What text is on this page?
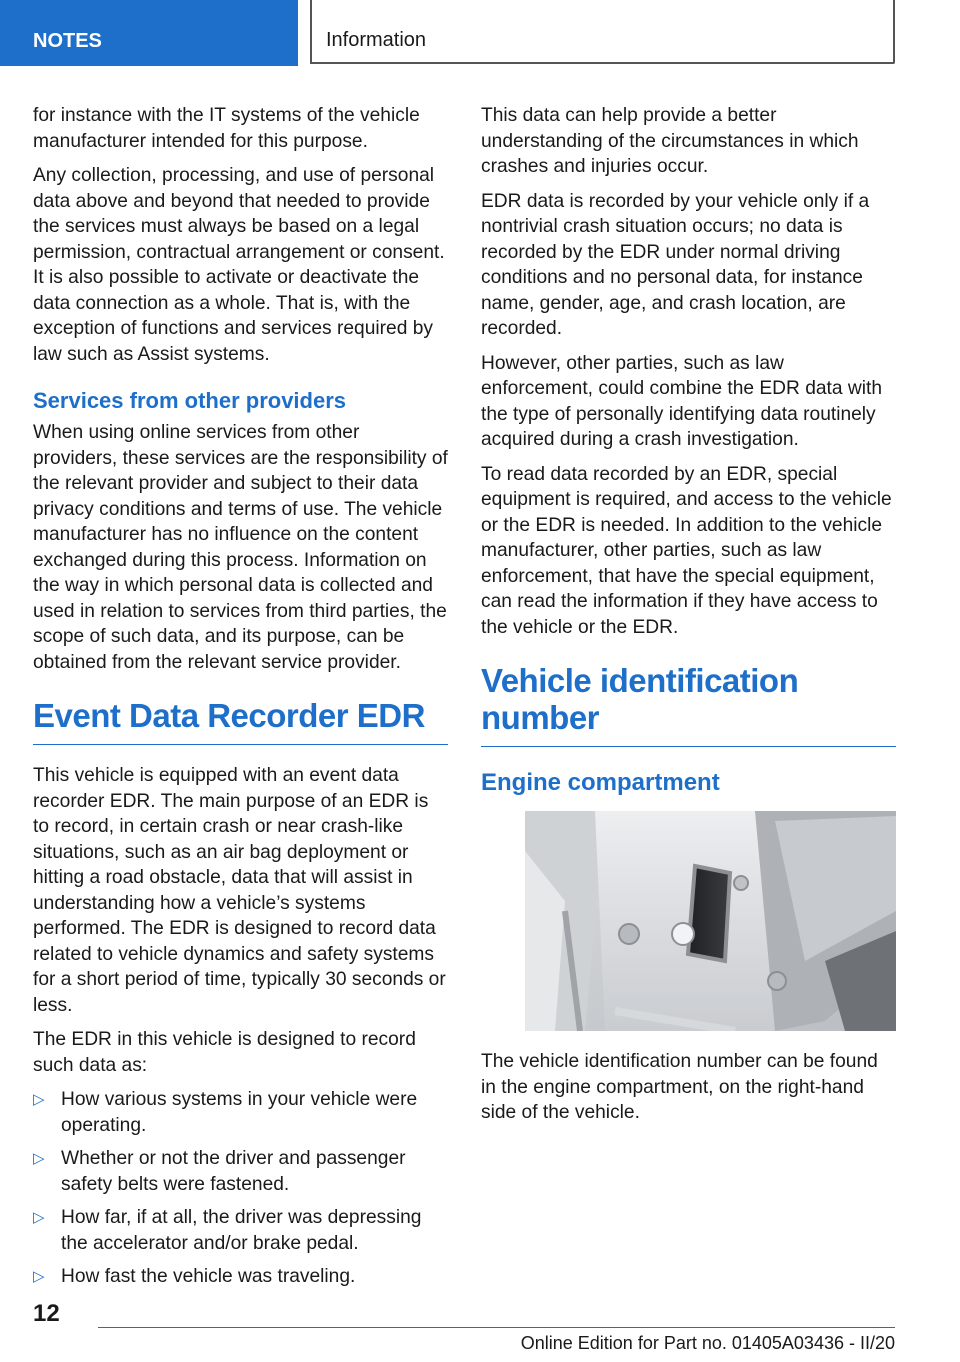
NOTES	Information

for instance with the IT systems of the vehicle manufacturer intended for this purpose.

Any collection, processing, and use of personal data above and beyond that needed to provide the services must always be based on a legal permission, contractual arrangement or consent. It is also possible to activate or deactivate the data connection as a whole. That is, with the exception of functions and services required by law such as Assist systems.

Services from other providers

When using online services from other providers, these services are the responsibility of the relevant provider and subject to their data privacy conditions and terms of use. The vehicle manufacturer has no influence on the content exchanged during this process. Information on the way in which personal data is collected and used in relation to services from third parties, the scope of such data, and its purpose, can be obtained from the relevant service provider.

Event Data Recorder EDR

This vehicle is equipped with an event data recorder EDR. The main purpose of an EDR is to record, in certain crash or near crash-like situations, such as an air bag deployment or hitting a road obstacle, data that will assist in understanding how a vehicle’s systems performed. The EDR is designed to record data related to vehicle dynamics and safety systems for a short period of time, typically 30 seconds or less.

The EDR in this vehicle is designed to record such data as:

▷ How various systems in your vehicle were operating.
▷ Whether or not the driver and passenger safety belts were fastened.
▷ How far, if at all, the driver was depressing the accelerator and/or brake pedal.
▷ How fast the vehicle was traveling.

This data can help provide a better understanding of the circumstances in which crashes and injuries occur.

EDR data is recorded by your vehicle only if a nontrivial crash situation occurs; no data is recorded by the EDR under normal driving conditions and no personal data, for instance name, gender, age, and crash location, are recorded.

However, other parties, such as law enforcement, could combine the EDR data with the type of personally identifying data routinely acquired during a crash investigation.

To read data recorded by an EDR, special equipment is required, and access to the vehicle or the EDR is needed. In addition to the vehicle manufacturer, other parties, such as law enforcement, that have the special equipment, can read the information if they have access to the vehicle or the EDR.

Vehicle identification number
Engine compartment

The vehicle identification number can be found in the engine compartment, on the right-hand side of the vehicle.

12
Online Edition for Part no. 01405A03436 - II/20
